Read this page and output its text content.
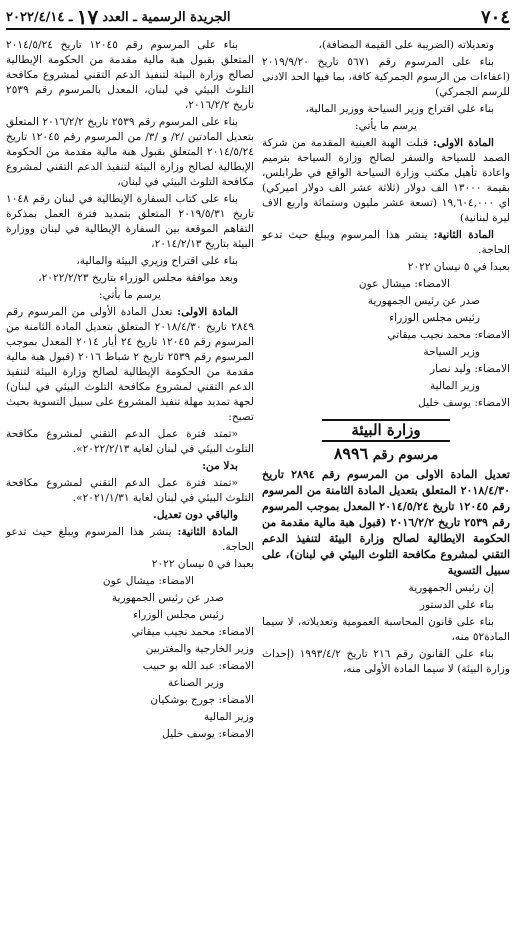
ـ ٢٠٢٢/٤/١٤ ١٧ الجريدة الرسمية ـ العدد	٧٠٤

وتعديلاته (الضريبة على القيمة المضافة)،

بناء على المرسوم رقم ٥٦٧١ تاريخ ٢٠١٩/٩/٢٠ (اعفاءات من الرسوم الجمركية كافة، بما فيها الحد الادنى للرسم الجمركي)

بناء على اقتراح وزير السياحة ووزير المالية،

يرسم ما يأتي:

المادة الاولى: قبلت الهبة العينية المقدمة من شركة الصمد للسياحة والسفر لصالح وزارة السياحة بترميم واعادة تأهيل مكتب وزارة السياحة الواقع في طرابلس، بقيمة ١٣٠٠٠ الف دولار (ثلاثة عشر الف دولار اميركي) اي ١٩,٦٠٤,٠٠٠ (تسعة عشر مليون وستمائة واربع الاف ليرة لبنانية)

المادة الثانية: ينشر هذا المرسوم ويبلغ حيث تدعو الحاجة.

بعبدا في ٥ نيسان ٢٠٢٢

الامضاء: ميشال عون

صدر عن رئيس الجمهورية

رئيس مجلس الوزراء

الامضاء: محمد نجيب ميقاتي

وزير السياحة

الامضاء: وليد نصار

وزير المالية

الامضاء: يوسف خليل

وزارة البيئة
مرسوم رقم ٨٩٩٦

تعديل المادة الاولى من المرسوم رقم ٢٨٩٤ تاريخ ٢٠١٨/٤/٣٠ المتعلق بتعديل المادة الثامنة من المرسوم رقم ١٢٠٤٥ تاريخ ٢٠١٤/٥/٢٤ المعدل بموجب المرسوم رقم ٢٥٣٩ تاريخ ٢٠١٦/٢/٢ (قبول هبة مالية مقدمة من الحكومة الايطالية لصالح وزارة البيئة لتنفيذ الدعم التقني لمشروع مكافحة التلوث البيئي في لبنان)، على سبيل التسوية

إن رئيس الجمهورية

بناء على الدستور

بناء على قانون المحاسبة العمومية وتعديلاته، لا سيما المادة٥٢ منه،

بناء على القانون رقم ٢١٦ تاريخ ١٩٩٣/٤/٢ (إحداث وزارة البيئة) لا سيما المادة الأولى منه،

بناء على المرسوم رقم ١٢٠٤٥ تاريخ ٢٠١٤/٥/٢٤ المتعلق بقبول هبة مالية مقدمة من الحكومة الإيطالية لصالح وزارة البيئة لتنفيذ الدعم التقني لمشروع مكافحة التلوث البيئي في لبنان، المعدل بالمرسوم رقم ٢٥٣٩ تاريخ ٢٠١٦/٢/٢،

بناء على المرسوم رقم ٢٥٣٩ تاريخ ٢٠١٦/٢/٢ المتعلق بتعديل المادتين /٢/ و /٣/ من المرسوم رقم ١٢٠٤٥ تاريخ ٢٠١٤/٥/٢٤ المتعلق بقبول هبة مالية مقدمة من الحكومة الإيطالية لصالح وزارة البيئة لتنفيذ الدعم التقني لمشروع مكافحة التلوث البيئي في لبنان،

بناء على كتاب السفارة الإيطالية في لبنان رقم ١٠٤٨ تاريخ ٢٠١٩/٥/٣١ المتعلق بتمديد فترة العمل بمذكرة التفاهم الموقعة بين السفارة الإيطالية في لبنان ووزارة البيئة بتاريخ ٢٠١٤/٢/١٣،

بناء على اقتراح وزيري البيئة والمالية،

وبعد موافقة مجلس الوزراء بتاريخ ٢٠٢٢/٢/٢٣،

يرسم ما يأتي:

المادة الاولى: تعدل المادة الأولى من المرسوم رقم ٢٨٤٩ تاريخ ٢٠١٨/٤/٣٠ المتعلق بتعديل المادة الثامنة من المرسوم رقم ١٢٠٤٥ تاريخ ٢٤ أيار ٢٠١٤ المعدل بموجب المرسوم رقم ٢٥٣٩ تاريخ ٢ شباط ٢٠١٦ (قبول هبة مالية مقدمة من الحكومة الإيطالية لصالح وزارة البيئة لتنفيذ الدعم التقني لمشروع مكافحة التلوث البيئي في لبنان) لجهة تمديد مهلة تنفيذ المشروع على سبيل التسوية بحيث تصبح:

«تمتد فترة عمل الدعم التقني لمشروع مكافحة التلوث البيئي في لبنان لغاية ٢٠٢٢/٢/١٣».

بدلا من:

«تمتد فترة عمل الدعم التقني لمشروع مكافحة التلوث البيئي في لبنان لغاية ٢٠٢١/١/٣١».

والباقي دون تعديل.

المادة الثانية: ينشر هذا المرسوم ويبلغ حيث تدعو الحاجة.

بعبدا في ٥ نيسان ٢٠٢٢

الامضاء: ميشال عون

صدر عن رئيس الجمهورية

رئيس مجلس الوزراء

الامضاء: محمد نجيب ميقاتي

وزير الخارجية والمغتربين

الامضاء: عبد الله بو حبيب

وزير الصناعة

الامضاء: جورج بوشكيان

وزير المالية

الامضاء: يوسف خليل
